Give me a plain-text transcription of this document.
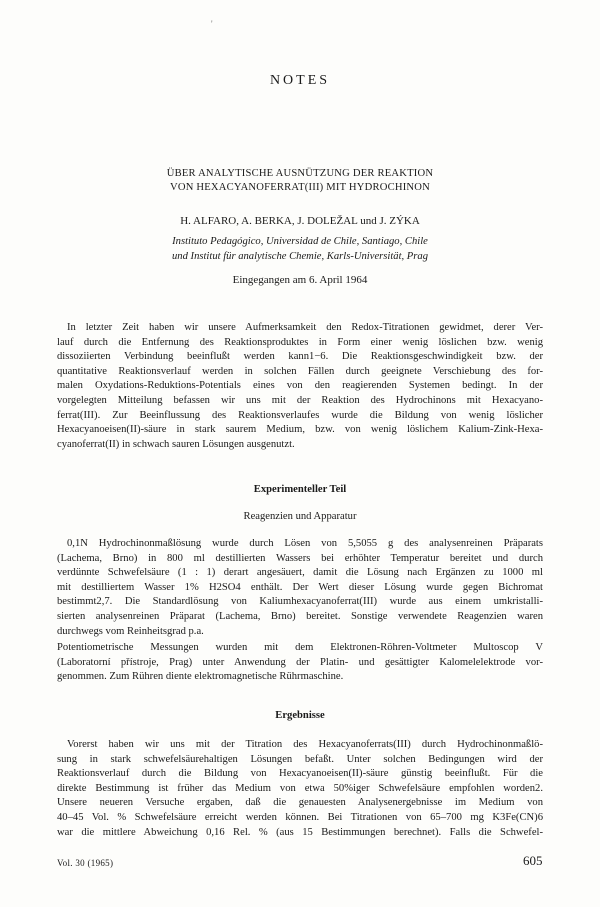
'
NOTES
ÜBER ANALYTISCHE AUSNÜTZUNG DER REAKTION
VON HEXACYANOFERRAT(III) MIT HYDROCHINON
H. ALFARO, A. BERKA, J. DOLEŽAL und J. ZÝKA
Instituto Pedagógico, Universidad de Chile, Santiago, Chile
und Institut für analytische Chemie, Karls-Universität, Prag
Eingegangen am 6. April 1964
In letzter Zeit haben wir unsere Aufmerksamkeit den Redox-Titrationen gewidmet, derer Ver-
lauf durch die Entfernung des Reaktionsproduktes in Form einer wenig löslichen bzw. wenig
dissoziierten Verbindung beeinflußt werden kann1−6. Die Reaktionsgeschwindigkeit bzw. der
quantitative Reaktionsverlauf werden in solchen Fällen durch geeignete Verschiebung des for-
malen Oxydations-Reduktions-Potentials eines von den reagierenden Systemen bedingt. In der
vorgelegten Mitteilung befassen wir uns mit der Reaktion des Hydrochinons mit Hexacyano-
ferrat(III). Zur Beeinflussung des Reaktionsverlaufes wurde die Bildung von wenig löslicher
Hexacyanoeisen(II)-säure in stark saurem Medium, bzw. von wenig löslichem Kalium-Zink-Hexa-
cyanoferrat(II) in schwach sauren Lösungen ausgenutzt.
Experimenteller Teil
Reagenzien und Apparatur
0,1N Hydrochinonmaßlösung wurde durch Lösen von 5,5055 g des analysenreinen Präparats
(Lachema, Brno) in 800 ml destillierten Wassers bei erhöhter Temperatur bereitet und durch
verdünnte Schwefelsäure (1 : 1) derart angesäuert, damit die Lösung nach Ergänzen zu 1000 ml
mit destilliertem Wasser 1% H2SO4 enthält. Der Wert dieser Lösung wurde gegen Bichromat
bestimmt2,7. Die Standardlösung von Kaliumhexacyanoferrat(III) wurde aus einem umkristalli-
sierten analysenreinen Präparat (Lachema, Brno) bereitet. Sonstige verwendete Reagenzien waren
durchwegs vom Reinheitsgrad p.a.
Potentiometrische Messungen wurden mit dem Elektronen-Röhren-Voltmeter Multoscop V
(Laboratorní přístroje, Prag) unter Anwendung der Platin- und gesättigter Kalomelelektrode vor-
genommen. Zum Rühren diente elektromagnetische Rührmaschine.
Ergebnisse
Vorerst haben wir uns mit der Titration des Hexacyanoferrats(III) durch Hydrochinonmaßlö-
sung in stark schwefelsäurehaltigen Lösungen befaßt. Unter solchen Bedingungen wird der
Reaktionsverlauf durch die Bildung von Hexacyanoeisen(II)-säure günstig beeinflußt. Für die
direkte Bestimmung ist früher das Medium von etwa 50%iger Schwefelsäure empfohlen worden2.
Unsere neueren Versuche ergaben, daß die genauesten Analysenergebnisse im Medium von
40–45 Vol. % Schwefelsäure erreicht werden können. Bei Titrationen von 65–700 mg K3Fe(CN)6
war die mittlere Abweichung 0,16 Rel. % (aus 15 Bestimmungen berechnet). Falls die Schwefel-
Vol. 30 (1965)	605
